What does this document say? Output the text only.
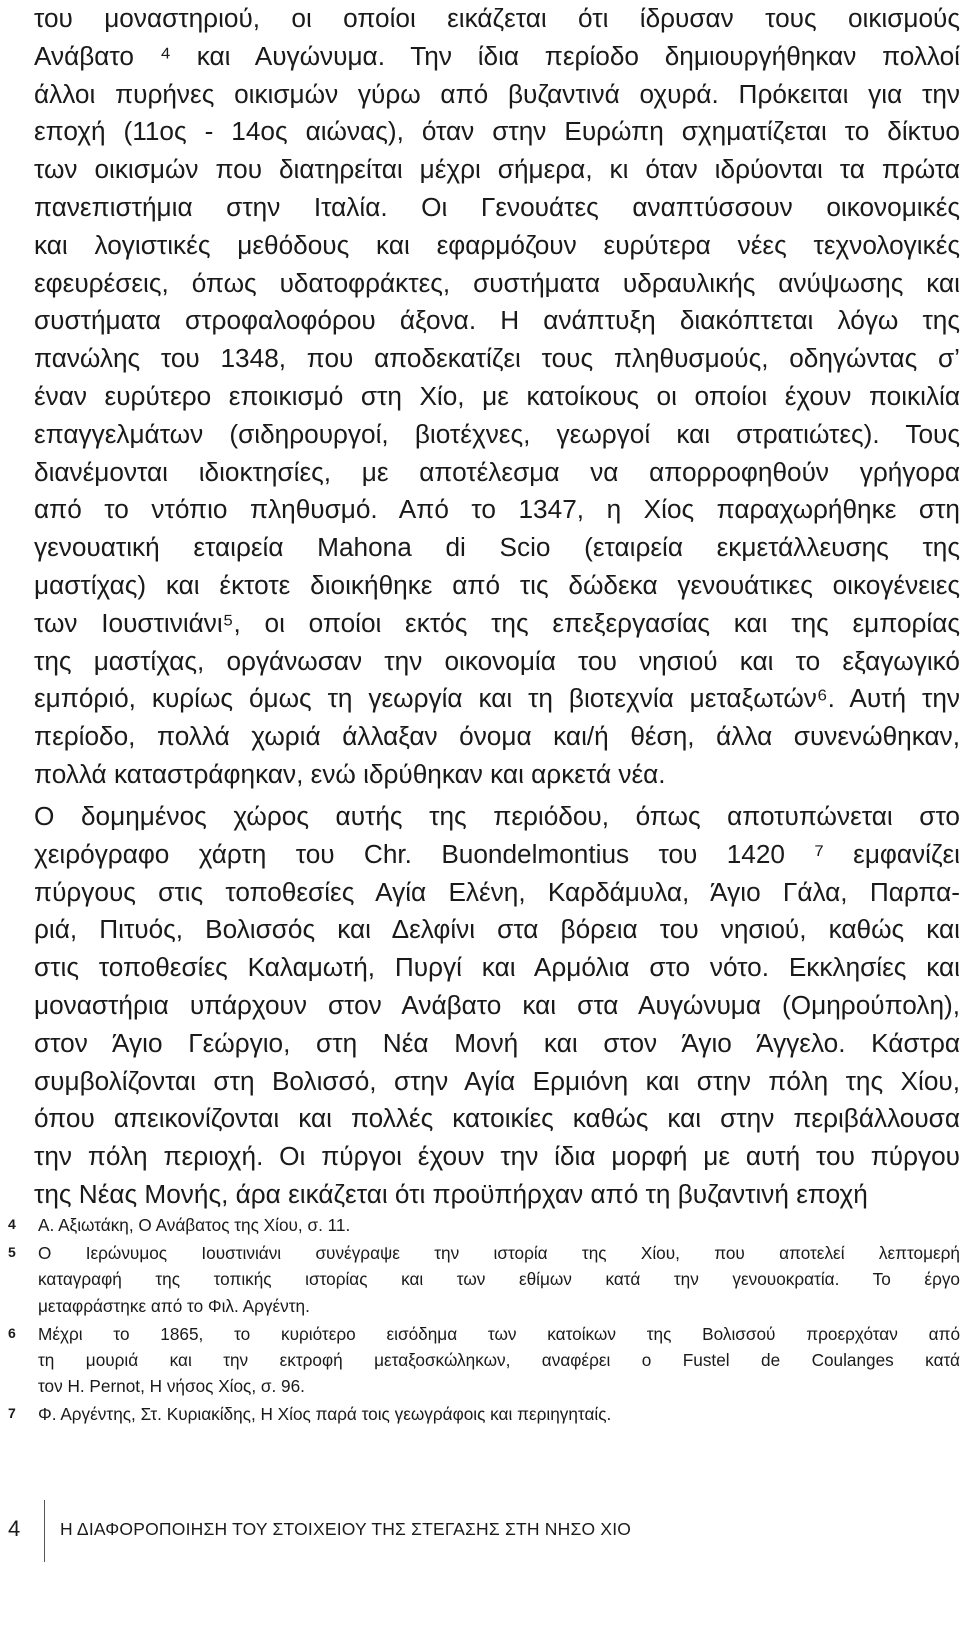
του μοναστηριού, οι οποίοι εικάζεται ότι ίδρυσαν τους οικισμούς
Ανάβατο ⁴ και Αυγώνυμα. Την ίδια περίοδο δημιουργήθηκαν πολλοί
άλλοι πυρήνες οικισμών γύρω από βυζαντινά οχυρά. Πρόκειται για την
εποχή (11ος - 14ος αιώνας), όταν στην Ευρώπη σχηματίζεται το δίκτυο
των οικισμών που διατηρείται μέχρι σήμερα, κι όταν ιδρύονται τα πρώτα
πανεπιστήμια στην Ιταλία. Οι Γενουάτες αναπτύσσουν οικονομικές
και λογιστικές μεθόδους και εφαρμόζουν ευρύτερα νέες τεχνολογικές
εφευρέσεις, όπως υδατοφράκτες, συστήματα υδραυλικής ανύψωσης και
συστήματα στροφαλοφόρου άξονα. Η ανάπτυξη διακόπτεται λόγω της
πανώλης του 1348, που αποδεκατίζει τους πληθυσμούς, οδηγώντας σ’
έναν ευρύτερο εποικισμό στη Χίο, με κατοίκους οι οποίοι έχουν ποικιλία
επαγγελμάτων (σιδηρουργοί, βιοτέχνες, γεωργοί και στρατιώτες). Τους
διανέμονται ιδιοκτησίες, με αποτέλεσμα να απορροφηθούν γρήγορα
από το ντόπιο πληθυσμό. Από το 1347, η Χίος παραχωρήθηκε στη
γενουατική εταιρεία Mahona di Scio (εταιρεία εκμετάλλευσης της
μαστίχας) και έκτοτε διοικήθηκε από τις δώδεκα γενουάτικες οικογένειες
των Ιουστινιάνι⁵, οι οποίοι εκτός της επεξεργασίας και της εμπορίας
της μαστίχας, οργάνωσαν την οικονομία του νησιού και το εξαγωγικό
εμπόριό, κυρίως όμως τη γεωργία και τη βιοτεχνία μεταξωτών⁶. Αυτή την
περίοδο, πολλά χωριά άλλαξαν όνομα και/ή θέση, άλλα συνενώθηκαν,
πολλά καταστράφηκαν, ενώ ιδρύθηκαν και αρκετά νέα.
Ο δομημένος χώρος αυτής της περιόδου, όπως αποτυπώνεται στο
χειρόγραφο χάρτη του Chr. Buondelmontius του 1420 ⁷ εμφανίζει
πύργους στις τοποθεσίες Αγία Ελένη, Καρδάμυλα, Άγιο Γάλα, Παρπα-
ριά, Πιτυός, Βολισσός και Δελφίνι στα βόρεια του νησιού, καθώς και
στις τοποθεσίες Καλαμωτή, Πυργί και Αρμόλια στο νότο. Εκκλησίες και
μοναστήρια υπάρχουν στον Ανάβατο και στα Αυγώνυμα (Ομηρούπολη),
στον Άγιο Γεώργιο, στη Νέα Μονή και στον Άγιο Άγγελο. Κάστρα
συμβολίζονται στη Βολισσό, στην Αγία Ερμιόνη και στην πόλη της Χίου,
όπου απεικονίζονται και πολλές κατοικίες καθώς και στην περιβάλλουσα
την πόλη περιοχή. Οι πύργοι έχουν την ίδια μορφή με αυτή του πύργου
της Νέας Μονής, άρα εικάζεται ότι προϋπήρχαν από τη βυζαντινή εποχή
4 Α. Αξιωτάκη, Ο Ανάβατος της Χίου, σ. 11.
5 Ο Ιερώνυμος Ιουστινιάνι συνέγραψε την ιστορία της Χίου, που αποτελεί λεπτομερή
καταγραφή της τοπικής ιστορίας και των εθίμων κατά την γενουοκρατία. Το έργο
μεταφράστηκε από το Φιλ. Αργέντη.
6 Μέχρι το 1865, το κυριότερο εισόδημα των κατοίκων της Βολισσού προερχόταν από
τη μουριά και την εκτροφή μεταξοσκώληκων, αναφέρει ο Fustel de Coulanges κατά
τον Η. Pernot, Η νήσος Χίος, σ. 96.
7 Φ. Αργέντης, Στ. Κυριακίδης, Η Χίος παρά τοις γεωγράφοις και περιηγηταίς.
4 Η ΔΙΑΦΟΡΟΠΟΙΗΣΗ ΤΟΥ ΣΤΟΙΧΕΙΟΥ ΤΗΣ ΣΤΕΓΑΣΗΣ ΣΤΗ ΝΗΣΟ ΧΙΟ
